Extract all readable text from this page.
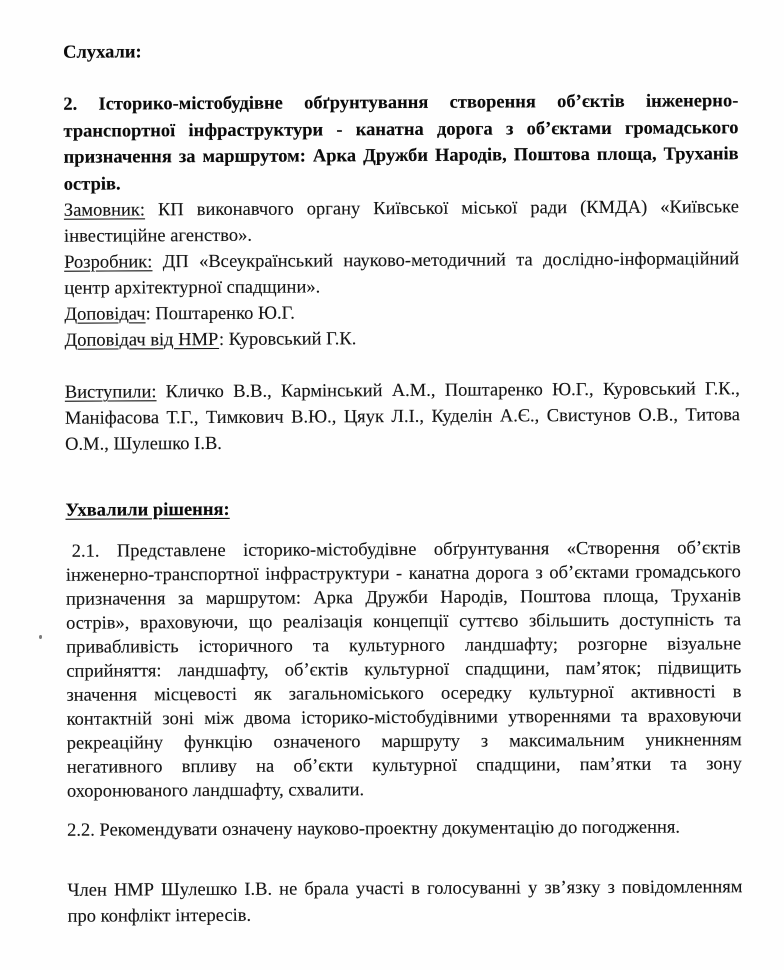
Слухали:

2. Історико-містобудівне обґрунтування створення об’єктів інженерно-транспортної інфраструктури - канатна дорога з об’єктами громадського призначення за маршрутом: Арка Дружби Народів, Поштова площа, Труханів острів.

Замовник: КП виконавчого органу Київської міської ради (КМДА) «Київське інвестиційне агенство».

Розробник: ДП «Всеукраїнський науково-методичний та дослідно-інформаційний центр архітектурної спадщини».

Доповідач: Поштаренко Ю.Г.

Доповідач від НМР: Куровський Г.К.

Виступили: Кличко В.В., Кармінський А.М., Поштаренко Ю.Г., Куровський Г.К., Маніфасова Т.Г., Тимкович В.Ю., Цяук Л.І., Куделін А.Є., Свистунов О.В., Титова О.М., Шулешко І.В.

Ухвалили рішення:

2.1. Представлене історико-містобудівне обґрунтування «Створення об’єктів інженерно-транспортної інфраструктури - канатна дорога з об’єктами громадського призначення за маршрутом: Арка Дружби Народів, Поштова площа, Труханів острів», враховуючи, що реалізація концепції суттєво збільшить доступність та привабливість історичного та культурного ландшафту; розгорне візуальне сприйняття: ландшафту, об’єктів культурної спадщини, пам’яток; підвищить значення місцевості як загальноміського осередку культурної активності в контактній зоні між двома історико-містобудівними утвореннями та враховуючи рекреаційну функцію означеного маршруту з максимальним уникненням негативного впливу на об’єкти культурної спадщини, пам’ятки та зону охоронюваного ландшафту, схвалити.

2.2. Рекомендувати означену науково-проектну документацію до погодження.

Член НМР Шулешко І.В. не брала участі в голосуванні у зв’язку з повідомленням про конфлікт інтересів.
